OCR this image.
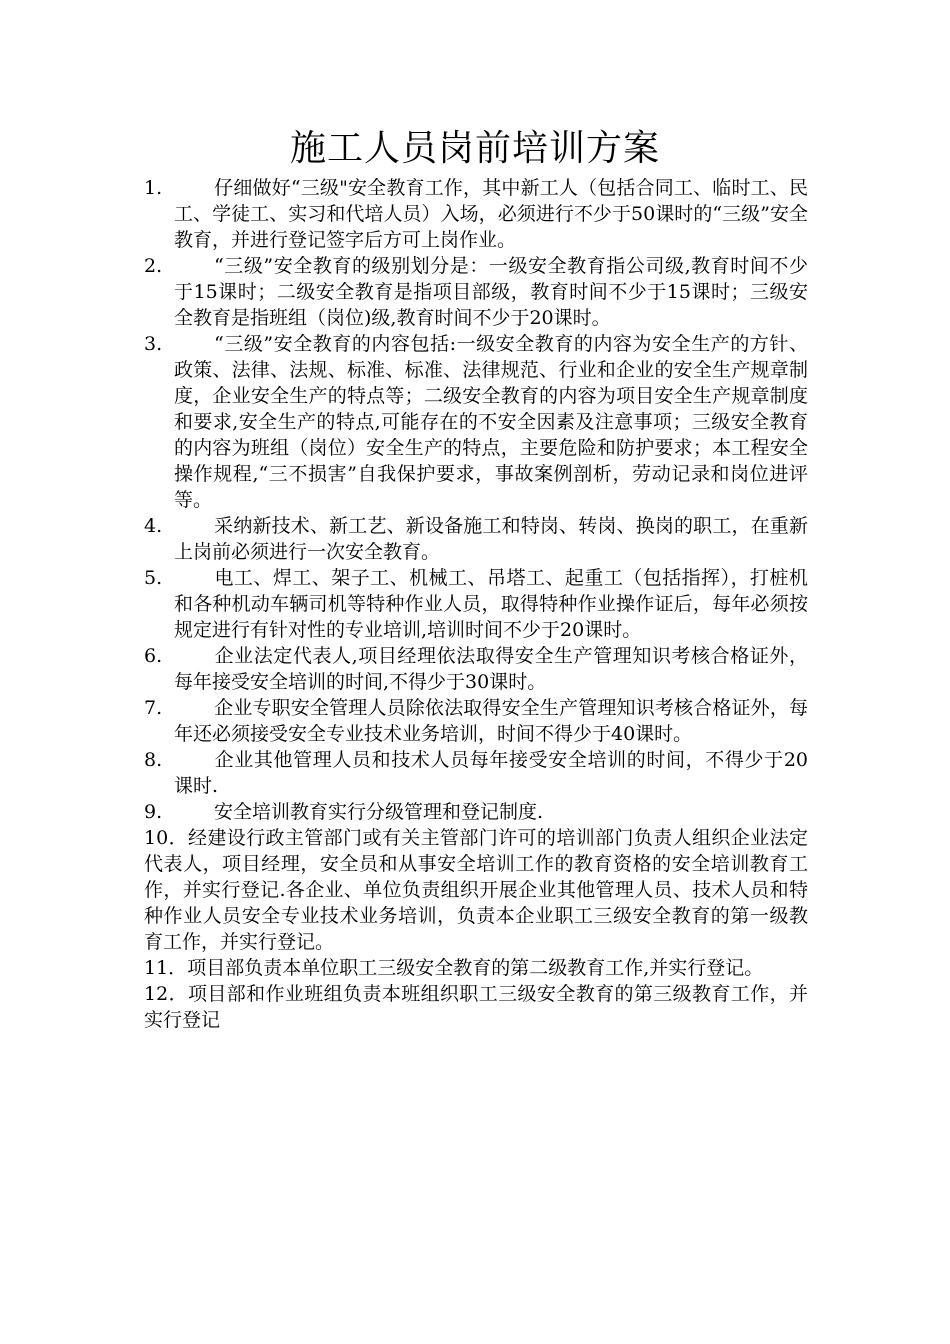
施工人员岗前培训方案
1.	仔细做好“三级"安全教育工作，其中新工人（包括合同工、临时工、民工、学徒工、实习和代培人员）入场，必须进行不少于50课时的“三级”安全教育，并进行登记签字后方可上岗作业。
2.	“三级”安全教育的级别划分是：一级安全教育指公司级,教育时间不少于15课时；二级安全教育是指项目部级，教育时间不少于15课时；三级安全教育是指班组（岗位)级,教育时间不少于20课时。
3.	“三级”安全教育的内容包括:一级安全教育的内容为安全生产的方针、政策、法律、法规、标准、标准、法律规范、行业和企业的安全生产规章制度，企业安全生产的特点等；二级安全教育的内容为项目安全生产规章制度和要求,安全生产的特点,可能存在的不安全因素及注意事项；三级安全教育的内容为班组（岗位）安全生产的特点，主要危险和防护要求；本工程安全操作规程,“三不损害”自我保护要求，事故案例剖析，劳动记录和岗位进评等。
4.	采纳新技术、新工艺、新设备施工和特岗、转岗、换岗的职工，在重新上岗前必须进行一次安全教育。
5.	电工、焊工、架子工、机械工、吊塔工、起重工（包括指挥），打桩机和各种机动车辆司机等特种作业人员，取得特种作业操作证后，每年必须按规定进行有针对性的专业培训,培训时间不少于20课时。
6.	企业法定代表人,项目经理依法取得安全生产管理知识考核合格证外，每年接受安全培训的时间,不得少于30课时。
7.	企业专职安全管理人员除依法取得安全生产管理知识考核合格证外，每年还必须接受安全专业技术业务培训，时间不得少于40课时。
8.	企业其他管理人员和技术人员每年接受安全培训的时间，不得少于20课时.
9.	安全培训教育实行分级管理和登记制度.
10．经建设行政主管部门或有关主管部门许可的培训部门负责人组织企业法定代表人，项目经理，安全员和从事安全培训工作的教育资格的安全培训教育工作，并实行登记.各企业、单位负责组织开展企业其他管理人员、技术人员和特种作业人员安全专业技术业务培训，负责本企业职工三级安全教育的第一级教育工作，并实行登记。
11．项目部负责本单位职工三级安全教育的第二级教育工作,并实行登记。
12．项目部和作业班组负责本班组织职工三级安全教育的第三级教育工作，并实行登记
